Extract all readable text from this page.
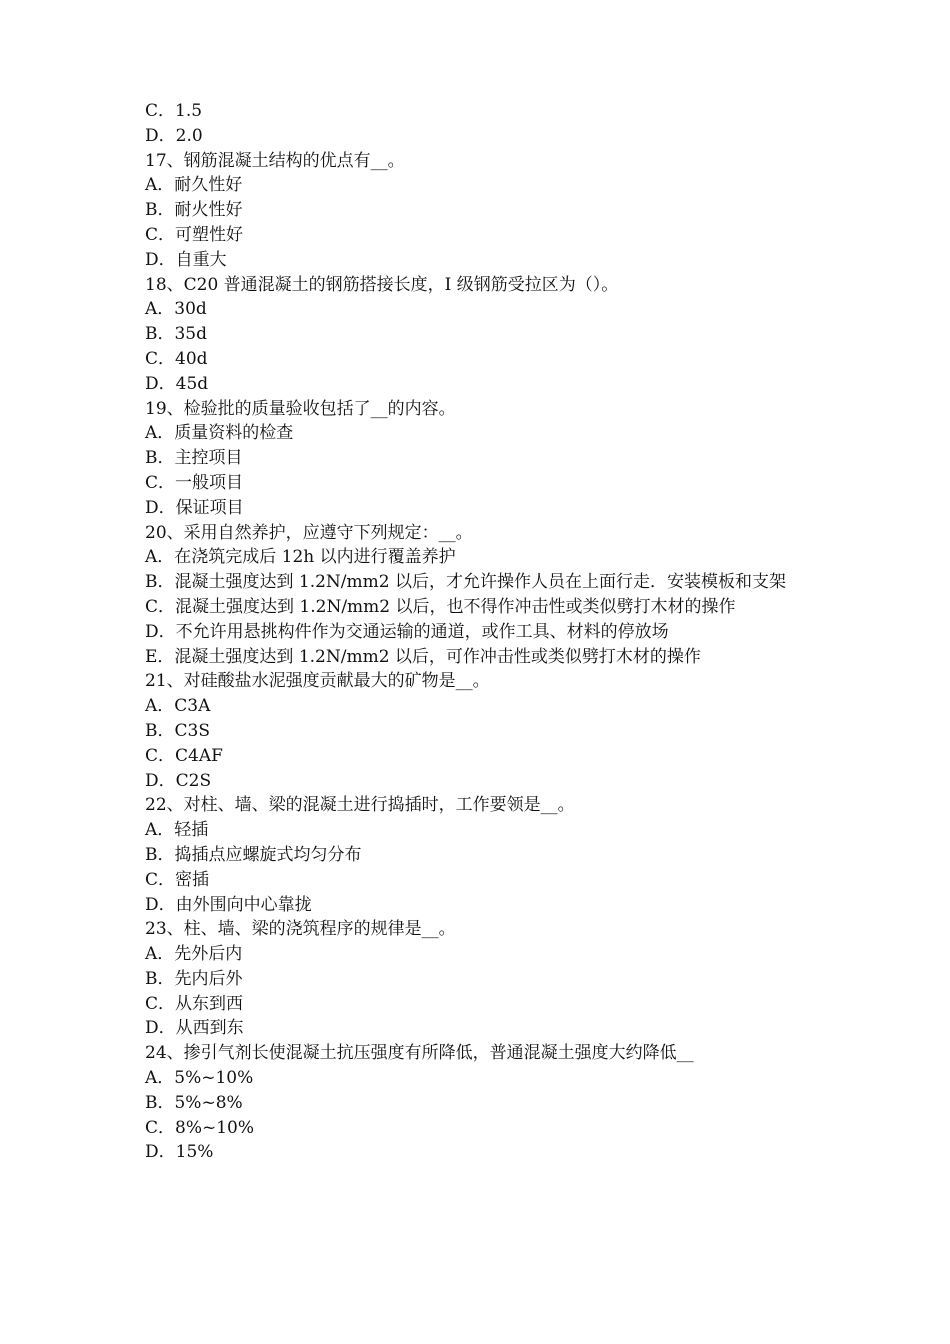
C．1.5
D．2.0
17、钢筋混凝土结构的优点有__。
A．耐久性好
B．耐火性好
C．可塑性好
D．自重大
18、C20 普通混凝土的钢筋搭接长度，I 级钢筋受拉区为（）。
A．30d
B．35d
C．40d
D．45d
19、检验批的质量验收包括了__的内容。
A．质量资料的检查
B．主控项目
C．一般项目
D．保证项目
20、采用自然养护，应遵守下列规定：__。
A．在浇筑完成后 12h 以内进行覆盖养护
B．混凝土强度达到 1.2N/mm2 以后，才允许操作人员在上面行走．安装模板和支架
C．混凝土强度达到 1.2N/mm2 以后，也不得作冲击性或类似劈打木材的操作
D．不允许用悬挑构件作为交通运输的通道，或作工具、材料的停放场
E．混凝土强度达到 1.2N/mm2 以后，可作冲击性或类似劈打木材的操作
21、对硅酸盐水泥强度贡献最大的矿物是__。
A．C3A
B．C3S
C．C4AF
D．C2S
22、对柱、墙、梁的混凝土进行捣插时，工作要领是__。
A．轻插
B．捣插点应螺旋式均匀分布
C．密插
D．由外围向中心靠拢
23、柱、墙、梁的浇筑程序的规律是__。
A．先外后内
B．先内后外
C．从东到西
D．从西到东
24、掺引气剂长使混凝土抗压强度有所降低，普通混凝土强度大约降低__
A．5%~10%
B．5%~8%
C．8%~10%
D．15%
